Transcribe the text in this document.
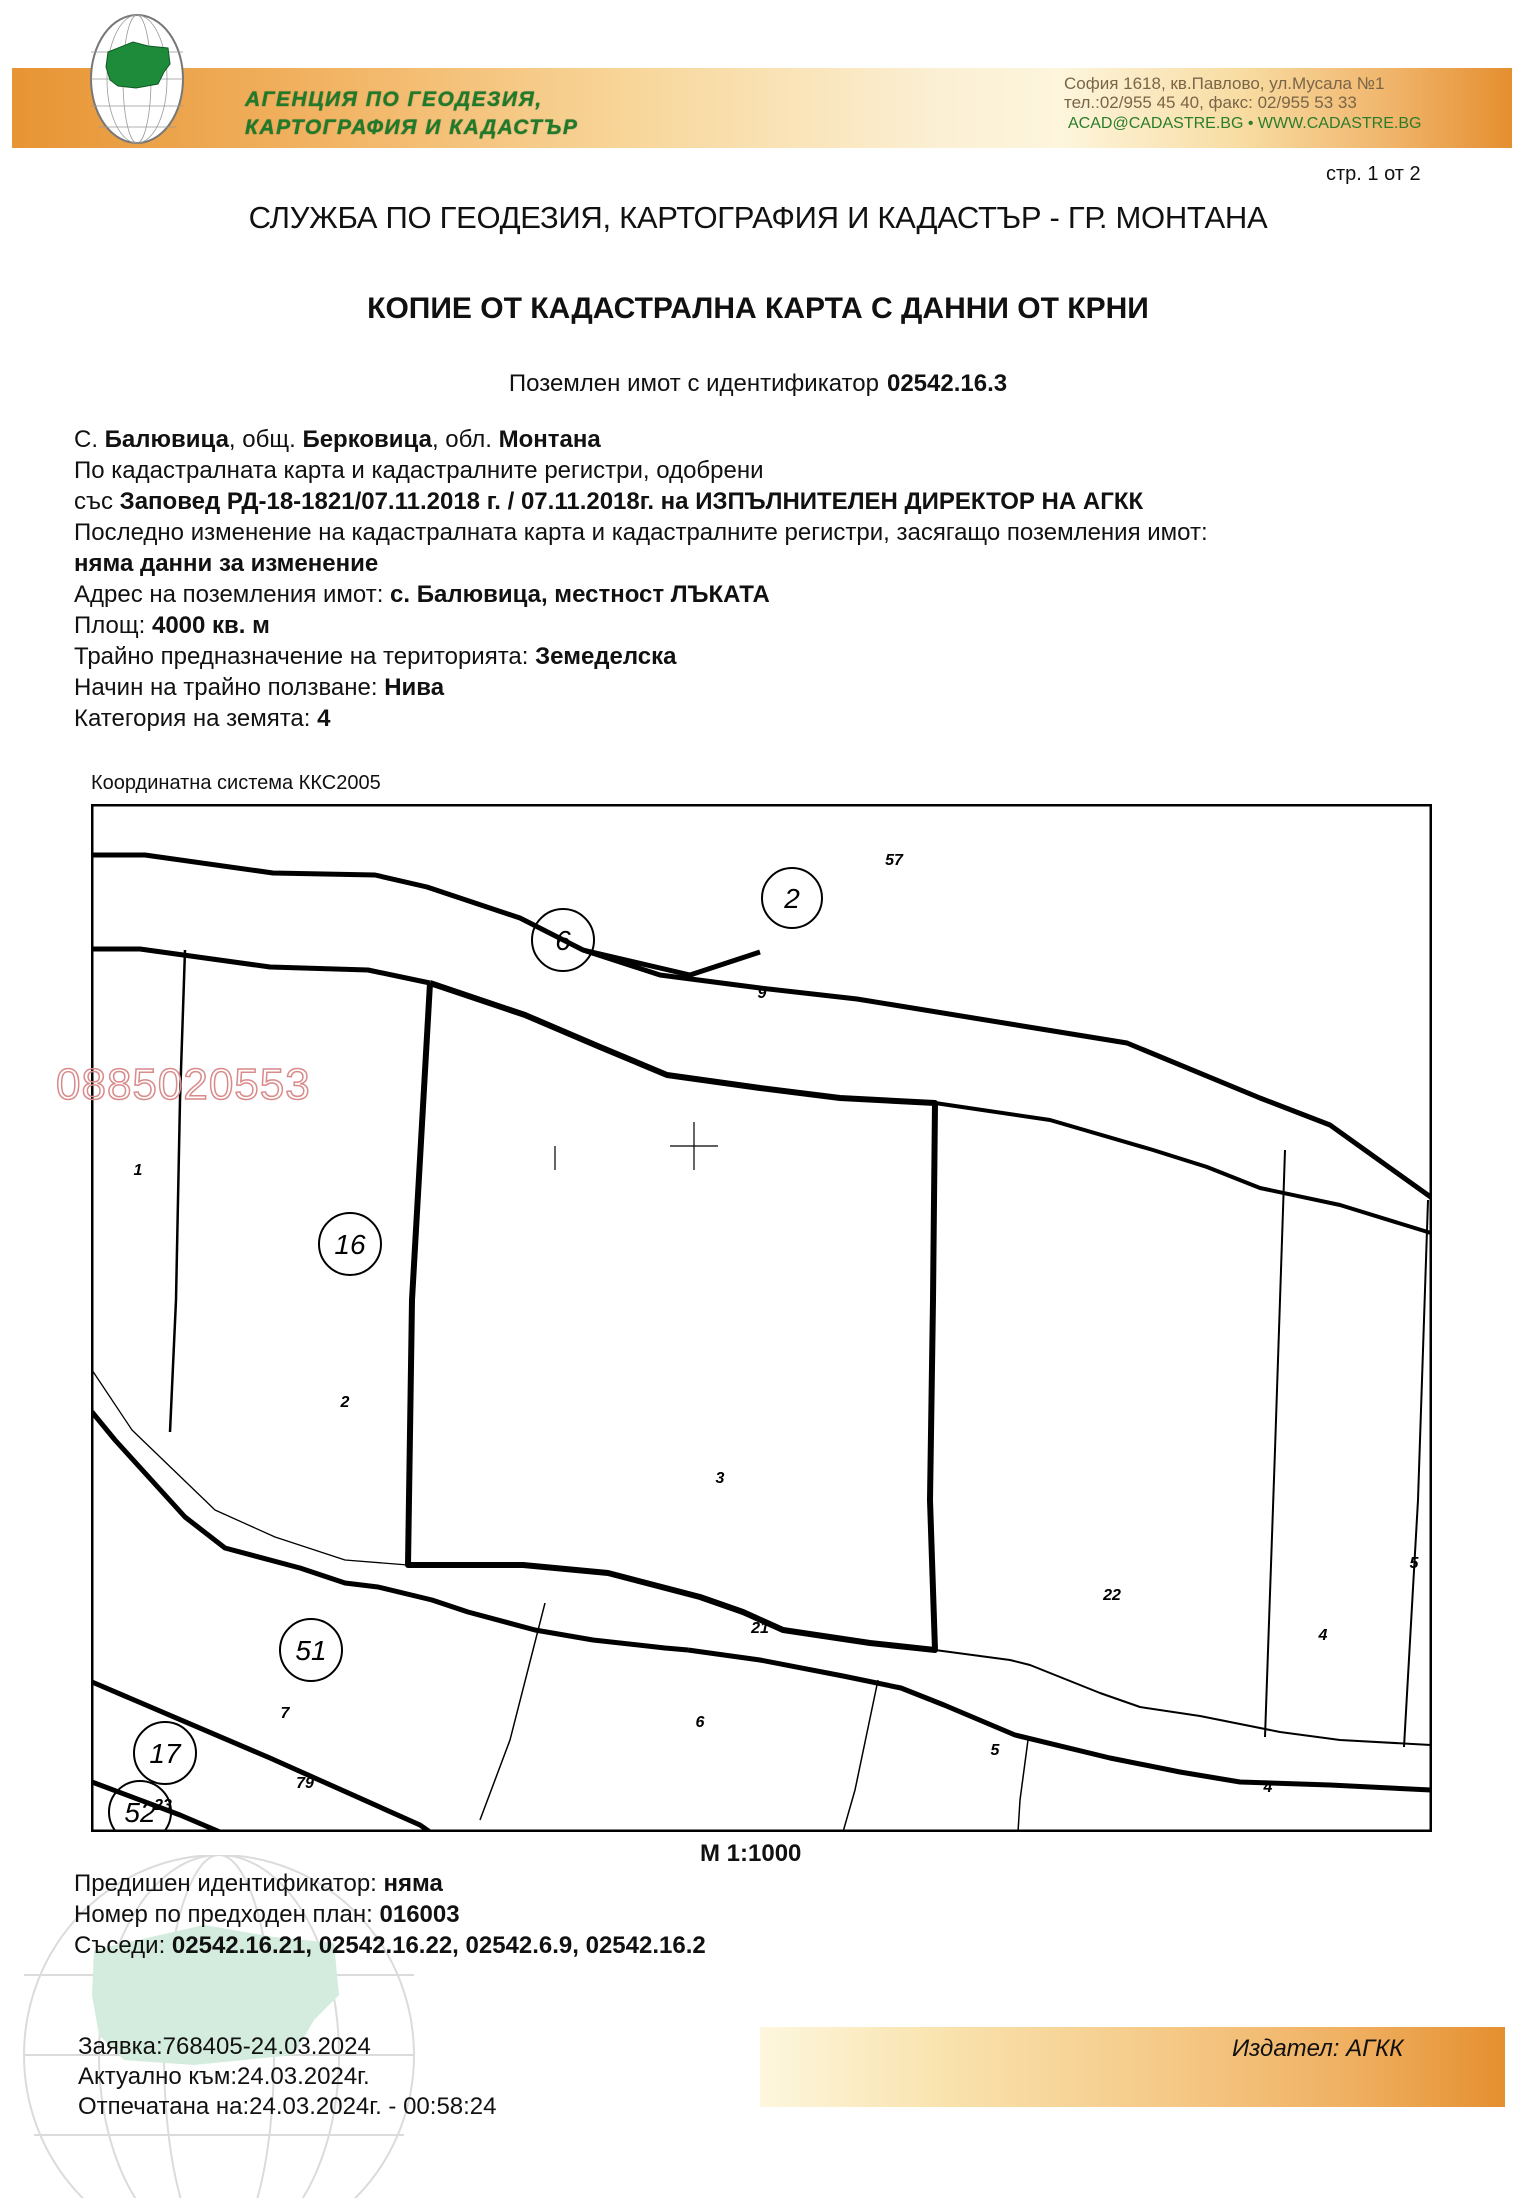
АГЕНЦИЯ ПО ГЕОДЕЗИЯ,
КАРТОГРАФИЯ И КАДАСТЪР
София 1618, кв.Павлово, ул.Мусала №1
тел.:02/955 45 40, факс: 02/955 53 33
ACAD@CADASTRE.BG • WWW.CADASTRE.BG
стр. 1 от 2
СЛУЖБА ПО ГЕОДЕЗИЯ, КАРТОГРАФИЯ И КАДАСТЪР - ГР. МОНТАНА
КОПИЕ ОТ КАДАСТРАЛНА КАРТА С ДАННИ ОТ КРНИ
Поземлен имот с идентификатор 02542.16.3
С. Балювица, общ. Берковица, обл. Монтана
По кадастралната карта и кадастралните регистри, одобрени
със Заповед РД-18-1821/07.11.2018 г. / 07.11.2018г. на ИЗПЪЛНИТЕЛЕН ДИРЕКТОР НА АГКК
Последно изменение на кадастралната карта и кадастралните регистри, засягащо поземления имот:
няма данни за изменение
Адрес на поземления имот: с. Балювица, местност ЛЪКАТА
Площ: 4000 кв. м
Трайно предназначение на територията: Земеделска
Начин на трайно ползване: Нива
Категория на земята: 4
Координатна система ККС2005
2
6
16
51
17
52
57
9
1
2
3
21
22
4
5
7
6
5
4
79
23
0885020553
М 1:1000
Предишен идентификатор: няма
Номер по предходен план: 016003
Съседи: 02542.16.21, 02542.16.22, 02542.6.9, 02542.16.2
Заявка:768405-24.03.2024
Актуално към:24.03.2024г.
Отпечатана на:24.03.2024г. - 00:58:24
Издател: АГКК
